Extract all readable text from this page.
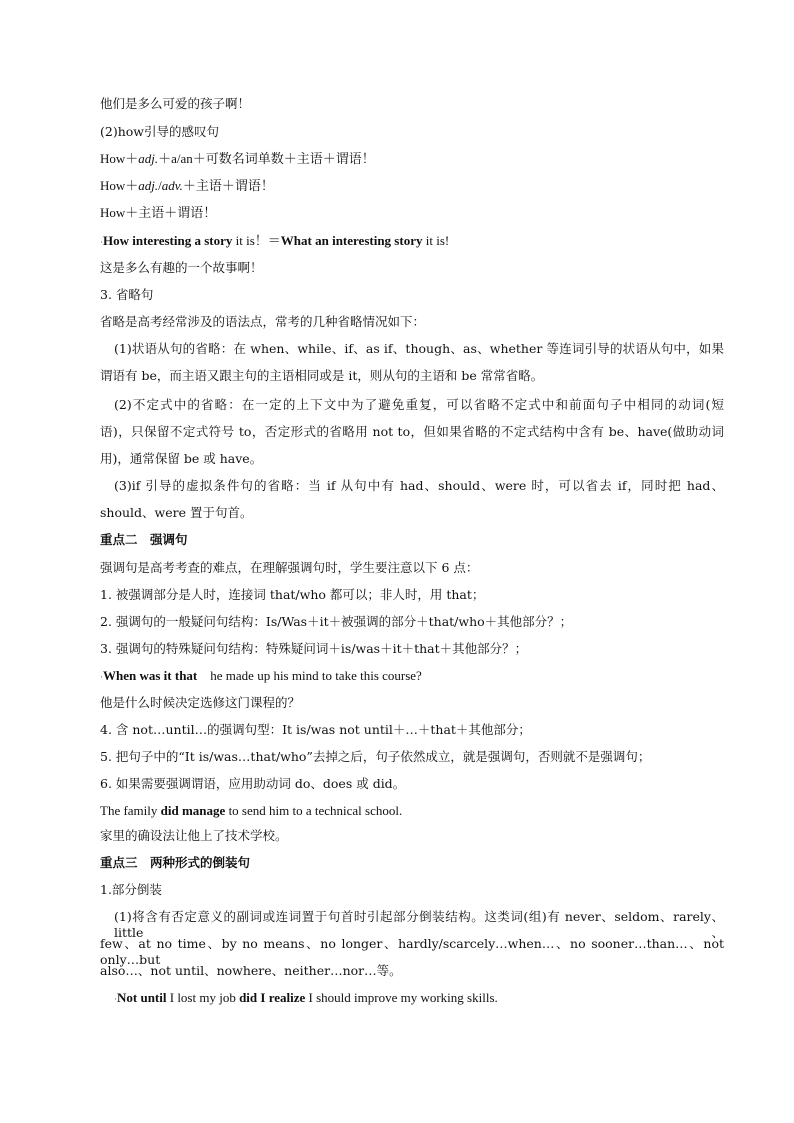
他们是多么可爱的孩子啊！
(2)how引导的感叹句
How＋adj.＋a/an＋可数名词单数＋主语＋谓语！
How＋adj./adv.＋主语＋谓语！
How＋主语＋谓语！
·How interesting a story it is！＝What an interesting story it is!
这是多么有趣的一个故事啊！
3. 省略句
省略是高考经常涉及的语法点，常考的几种省略情况如下：
(1)状语从句的省略：在 when、while、if、as if、though、as、whether 等连词引导的状语从句中，如果
谓语有 be，而主语又跟主句的主语相同或是 it，则从句的主语和 be 常常省略。
(2)不定式中的省略：在一定的上下文中为了避免重复，可以省略不定式中和前面句子中相同的动词(短
语)，只保留不定式符号 to，否定形式的省略用 not to，但如果省略的不定式结构中含有 be、have(做助动词
用)，通常保留 be 或 have。
(3)if 引导的虚拟条件句的省略：当 if 从句中有 had、should、were 时，可以省去 if，同时把 had、
should、were 置于句首。
重点二　强调句
强调句是高考考查的难点，在理解强调句时，学生要注意以下 6 点：
1. 被强调部分是人时，连接词 that/who 都可以；非人时，用 that；
2. 强调句的一般疑问句结构：Is/Was＋it＋被强调的部分＋that/who＋其他部分？；
3. 强调句的特殊疑问句结构：特殊疑问词＋is/was＋it＋that＋其他部分？；
·When was it that　he made up his mind to take this course?
他是什么时候决定选修这门课程的？
4. 含 not…until…的强调句型：It is/was not until＋…＋that＋其他部分；
5. 把句子中的“It is/was…that/who”去掉之后，句子依然成立，就是强调句，否则就不是强调句；
6. 如果需要强调谓语，应用助动词 do、does 或 did。
The family did manage to send him to a technical school.
家里的确设法让他上了技术学校。
重点三　两种形式的倒装句
1.部分倒装
(1)将含有否定意义的副词或连词置于句首时引起部分倒装结构。这类词(组)有 never、seldom、rarely、little、
few、at no time、by no means、no longer、hardly/scarcely…when…、no sooner…than…、not only…but
also…、not until、nowhere、neither…nor…等。
·Not until I lost my job did I realize I should improve my working skills.
